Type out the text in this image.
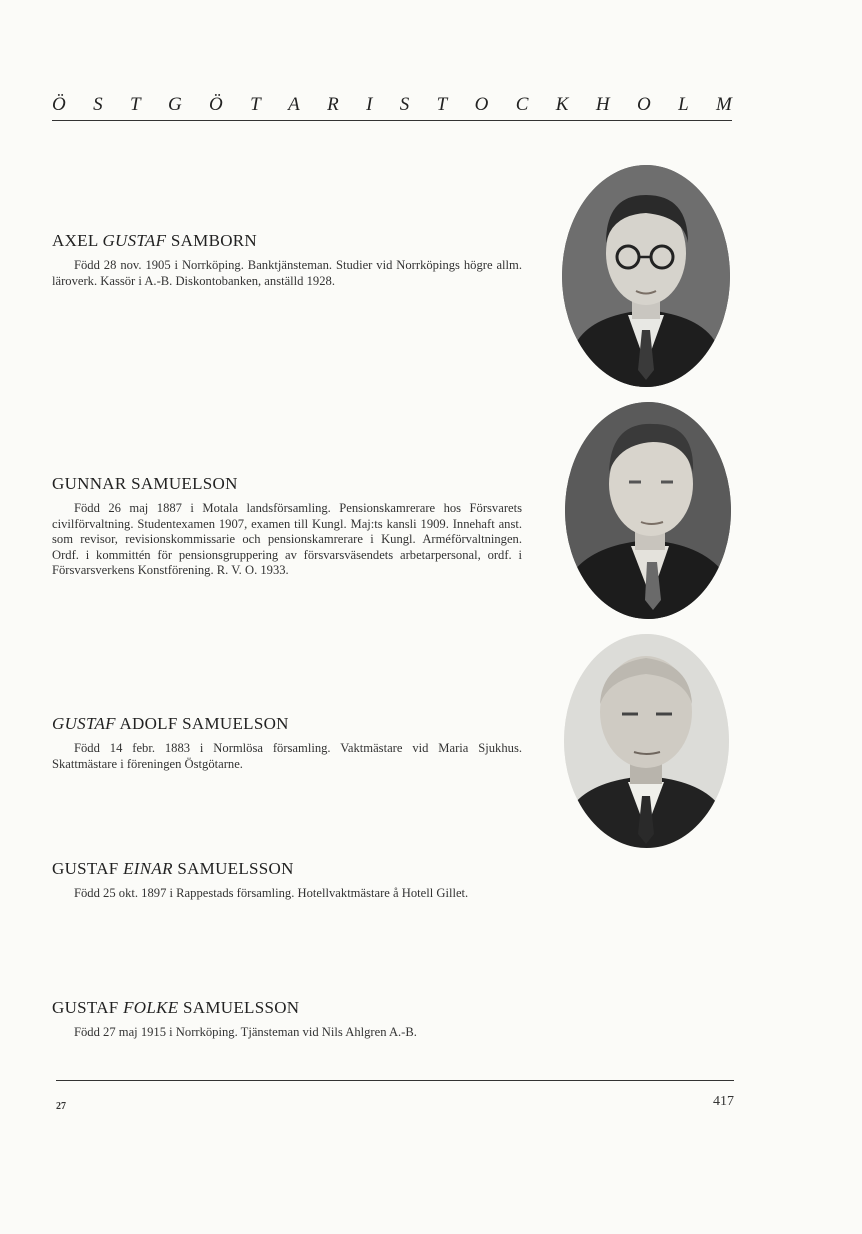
Ö S T G Ö T A R I S T O C K H O L M
AXEL GUSTAF SAMBORN
Född 28 nov. 1905 i Norrköping. Banktjänsteman. Studier vid Norrköpings högre allm. läroverk. Kassör i A.-B. Diskontobanken, anställd 1928.
GUNNAR SAMUELSON
Född 26 maj 1887 i Motala landsförsamling. Pensionskamrerare hos Försvarets civilförvaltning. Studentexamen 1907, examen till Kungl. Maj:ts kansli 1909. Innehaft anst. som revisor, revisionskommissarie och pensionskamrerare i Kungl. Arméförvaltningen. Ordf. i kommittén för pensionsgruppering av försvarsväsendets arbetarpersonal, ordf. i Försvarsverkens Konstförening. R. V. O. 1933.
GUSTAF ADOLF SAMUELSON
Född 14 febr. 1883 i Normlösa församling. Vaktmästare vid Maria Sjukhus. Skattmästare i föreningen Östgötarne.
GUSTAF EINAR SAMUELSSON
Född 25 okt. 1897 i Rappestads församling. Hotellvaktmästare å Hotell Gillet.
GUSTAF FOLKE SAMUELSSON
Född 27 maj 1915 i Norrköping. Tjänsteman vid Nils Ahlgren A.-B.
27	417
